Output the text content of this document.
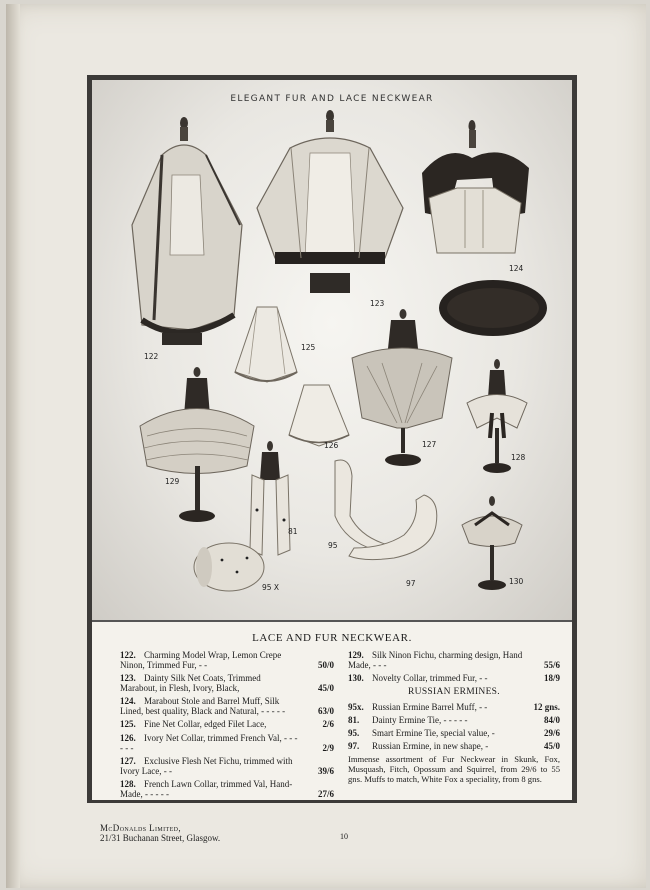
ELEGANT FUR AND LACE NECKWEAR
122
123
124
125
126	127
128
129
81
95
97
95 X
130
LACE AND FUR NECKWEAR.
122. Charming Model Wrap, Lemon Crepe Ninon, Trimmed Fur, - -	50/0
123. Dainty Silk Net Coats, Trimmed Marabout, in Flesh, Ivory, Black,	45/0
124. Marabout Stole and Barrel Muff, Silk Lined, best quality, Black and Natural, - - - - -	63/0
125. Fine Net Collar, edged Filet Lace,	2/6
126. Ivory Net Collar, trimmed French Val, - - - - - -	2/9
127. Exclusive Flesh Net Fichu, trimmed with Ivory Lace, - -	39/6
128. French Lawn Collar, trimmed Val, Hand-Made, - - - - -	27/6
129. Silk Ninon Fichu, charming design, Hand Made, - - -	55/6
130. Novelty Collar, trimmed Fur, - -	18/9
RUSSIAN ERMINES.
95x. Russian Ermine Barrel Muff, - -	12 gns.
81. Dainty Ermine Tie, - - - - -	84/0
95. Smart Ermine Tie, special value, -	29/6
97. Russian Ermine, in new shape, -	45/0
Immense assortment of Fur Neckwear in Skunk, Fox, Musquash, Fitch, Opossum and Squirrel, from 29/6 to 55 gns. Muffs to match, White Fox a speciality, from 8 gns.
McDonalds Limited,
21/31 Buchanan Street, Glasgow.	10
